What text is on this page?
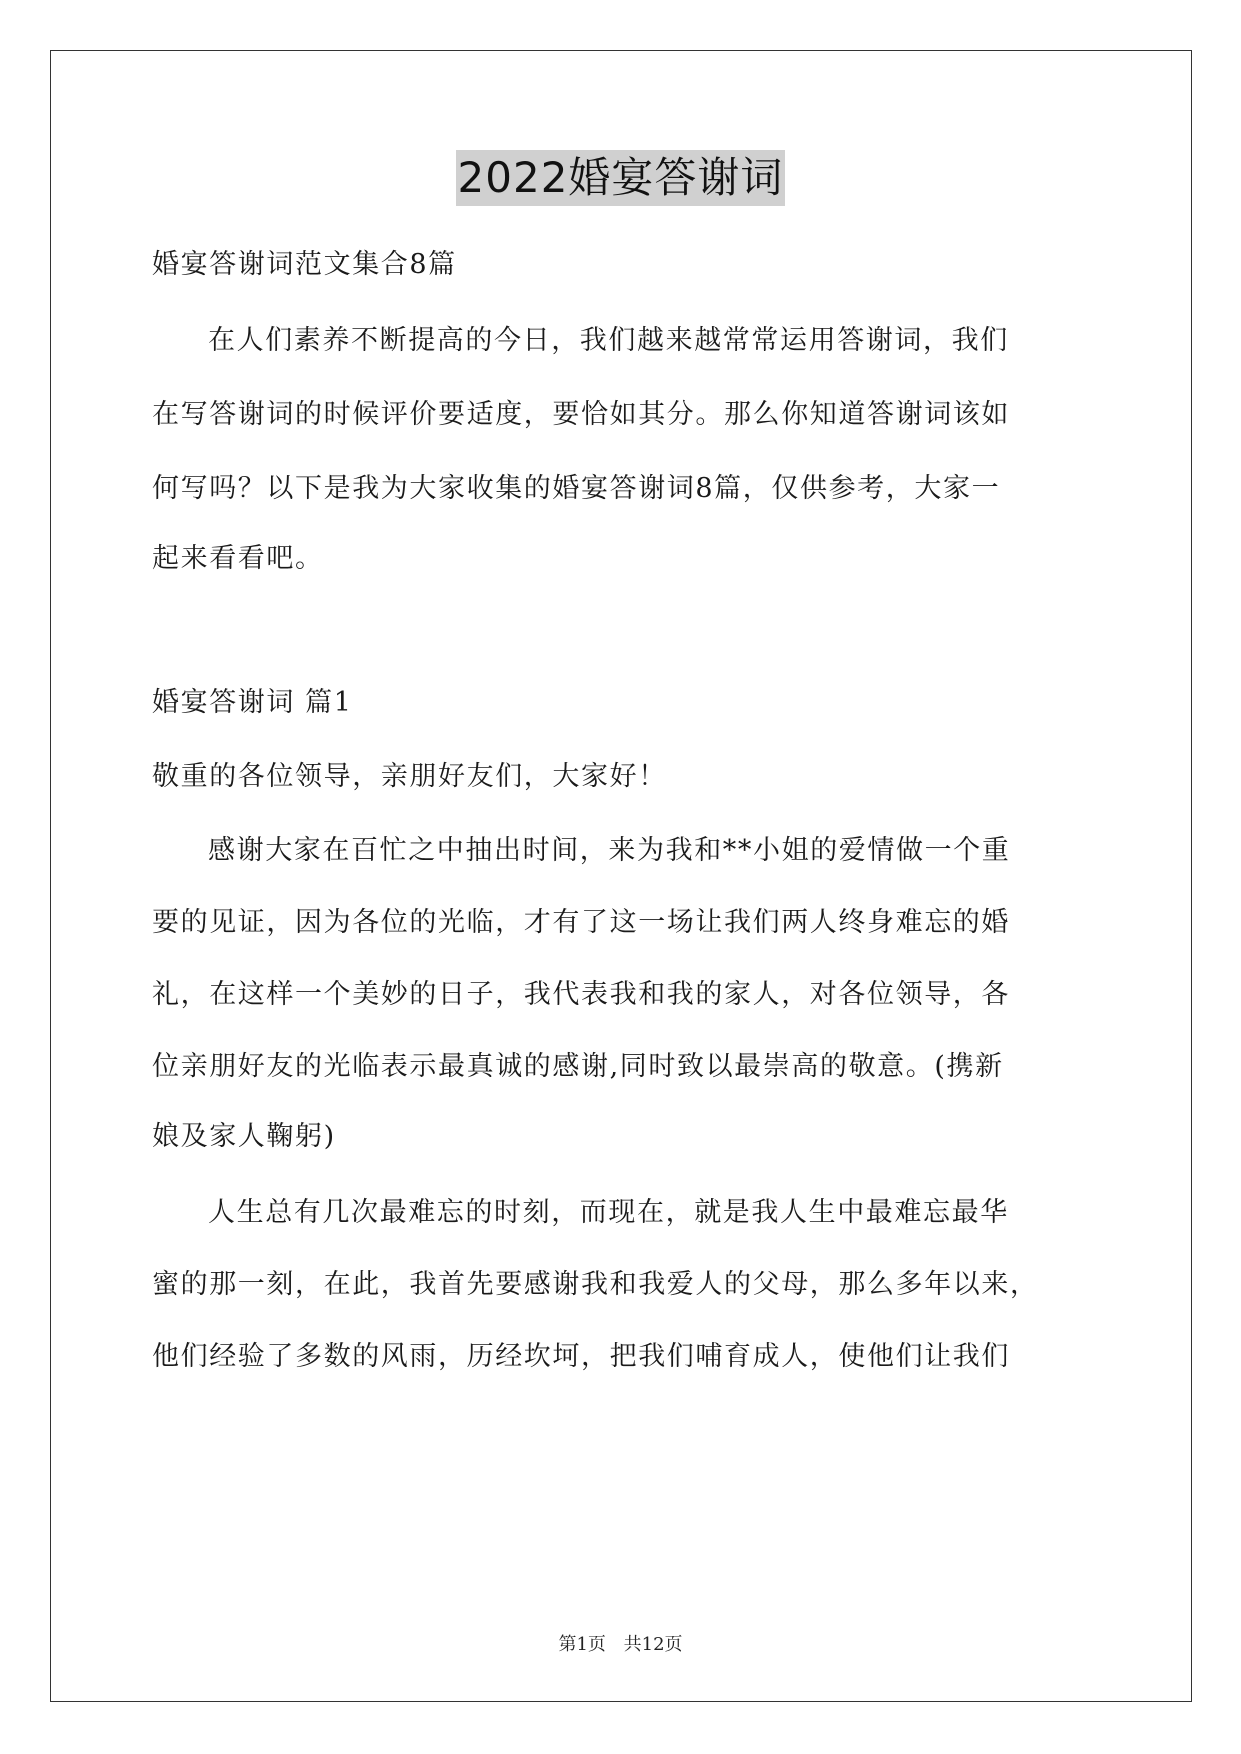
2022婚宴答谢词
婚宴答谢词范文集合8篇
在人们素养不断提高的今日，我们越来越常常运用答谢词，我们
在写答谢词的时候评价要适度，要恰如其分。那么你知道答谢词该如
何写吗？以下是我为大家收集的婚宴答谢词8篇，仅供参考，大家一
起来看看吧。
婚宴答谢词 篇1
敬重的各位领导，亲朋好友们，大家好！
感谢大家在百忙之中抽出时间，来为我和**小姐的爱情做一个重
要的见证，因为各位的光临，才有了这一场让我们两人终身难忘的婚
礼，在这样一个美妙的日子，我代表我和我的家人，对各位领导，各
位亲朋好友的光临表示最真诚的感谢,同时致以最崇高的敬意。(携新
娘及家人鞠躬)
人生总有几次最难忘的时刻，而现在，就是我人生中最难忘最华
蜜的那一刻，在此，我首先要感谢我和我爱人的父母，那么多年以来，
他们经验了多数的风雨，历经坎坷，把我们哺育成人，使他们让我们
第1页 共12页
